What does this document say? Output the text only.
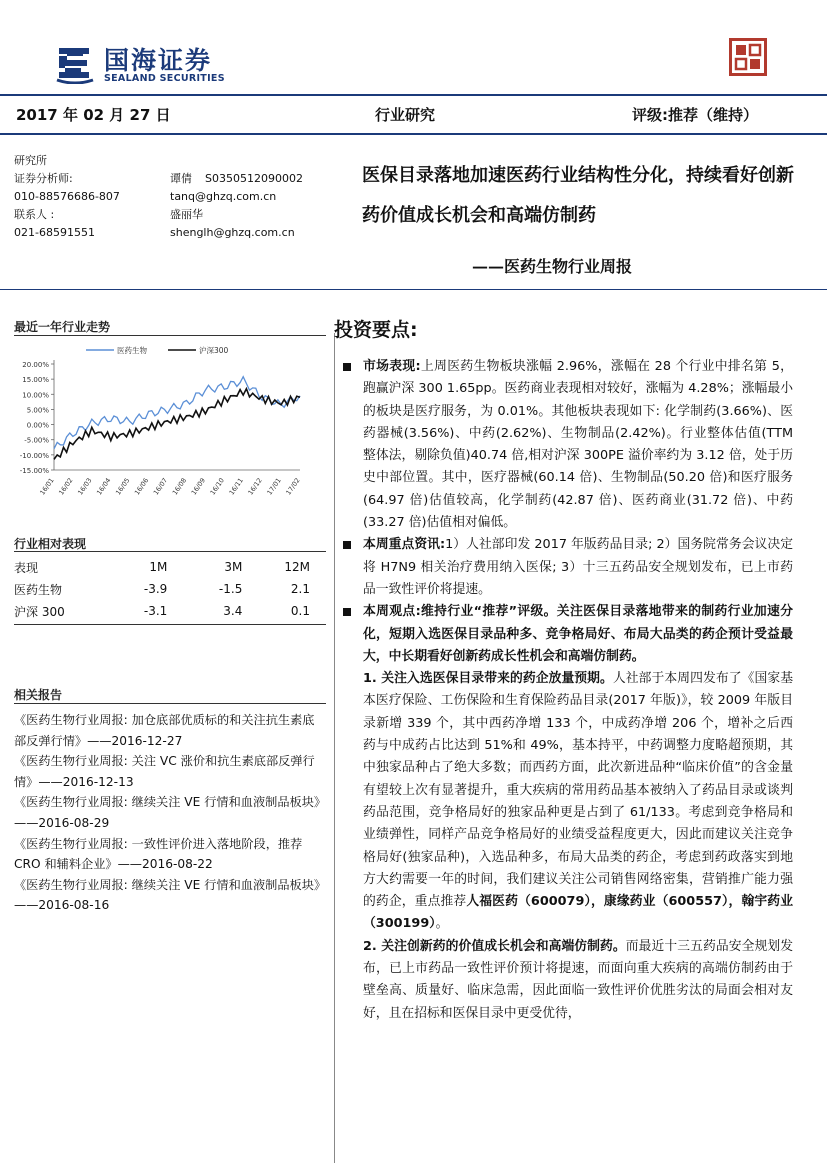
国海证券
SEALAND SECURITIES
2017 年 02 月 27 日	行业研究	评级:推荐（维持）
研究所
证券分析师:	谭倩 S0350512090002
010-88576686-807	tanq@ghzq.com.cn
联系人 :	盛丽华
021-68591551	shenglh@ghzq.com.cn
医保目录落地加速医药行业结构性分化，持续看好创新药价值成长机会和高端仿制药
——医药生物行业周报
最近一年行业走势
20.00%
15.00%
10.00%
5.00%
0.00%
-5.00%
-10.00%
-15.00%
16/01 16/02 16/03 16/04 16/05 16/06 16/07 16/08 16/09 16/10 16/11 16/12 17/01 17/02
医药生物	沪深300
行业相对表现
表现	1M	3M	12M
医药生物	-3.9	-1.5	2.1
沪深 300	-3.1	3.4	0.1
相关报告

《医药生物行业周报: 加仓底部优质标的和关注抗生素底部反弹行情》——2016-12-27

《医药生物行业周报: 关注 VC 涨价和抗生素底部反弹行情》——2016-12-13

《医药生物行业周报: 继续关注 VE 行情和血液制品板块》——2016-08-29

《医药生物行业周报: 一致性评价进入落地阶段，推荐 CRO 和辅料企业》——2016-08-22

《医药生物行业周报: 继续关注 VE 行情和血液制品板块》——2016-08-16

投资要点:

市场表现:上周医药生物板块涨幅 2.96%，涨幅在 28 个行业中排名第 5，跑赢沪深 300 1.65pp。医药商业表现相对较好，涨幅为 4.28%；涨幅最小的板块是医疗服务，为 0.01%。其他板块表现如下: 化学制药(3.66%)、医药器械(3.56%)、中药(2.62%)、生物制品(2.42%)。行业整体估值(TTM 整体法，剔除负值)40.74 倍,相对沪深 300PE 溢价率约为 3.12 倍，处于历史中部位置。其中，医疗器械(60.14 倍)、生物制品(50.20 倍)和医疗服务(64.97 倍)估值较高，化学制药(42.87 倍)、医药商业(31.72 倍)、中药(33.27 倍)估值相对偏低。

本周重点资讯:1）人社部印发 2017 年版药品目录; 2）国务院常务会议决定将 H7N9 相关治疗费用纳入医保; 3）十三五药品安全规划发布，已上市药品一致性评价将提速。

本周观点:维持行业“推荐”评级。关注医保目录落地带来的制药行业加速分化，短期入选医保目录品种多、竞争格局好、布局大品类的药企预计受益最大，中长期看好创新药成长性机会和高端仿制药。

1. 关注入选医保目录带来的药企放量预期。人社部于本周四发布了《国家基本医疗保险、工伤保险和生育保险药品目录(2017 年版)》，较 2009 年版目录新增 339 个，其中西药净增 133 个，中成药净增 206 个，增补之后西药与中成药占比达到 51%和 49%，基本持平，中药调整力度略超预期，其中独家品种占了绝大多数；而西药方面，此次新进品种“临床价值”的含金量有望较上次有显著提升，重大疾病的常用药品基本被纳入了药品目录或谈判药品范围，竞争格局好的独家品种更是占到了 61/133。考虑到竞争格局和业绩弹性，同样产品竞争格局好的业绩受益程度更大，因此而建议关注竞争格局好(独家品种)，入选品种多，布局大品类的药企，考虑到药政落实到地方大约需要一年的时间，我们建议关注公司销售网络密集，营销推广能力强的药企，重点推荐人福医药（600079），康缘药业（600557），翰宇药业（300199）。

2. 关注创新药的价值成长机会和高端仿制药。而最近十三五药品安全规划发布，已上市药品一致性评价预计将提速，而面向重大疾病的高端仿制药由于壁垒高、质量好、临床急需，因此面临一致性评价优胜劣汰的局面会相对友好，且在招标和医保目录中更受优待，
